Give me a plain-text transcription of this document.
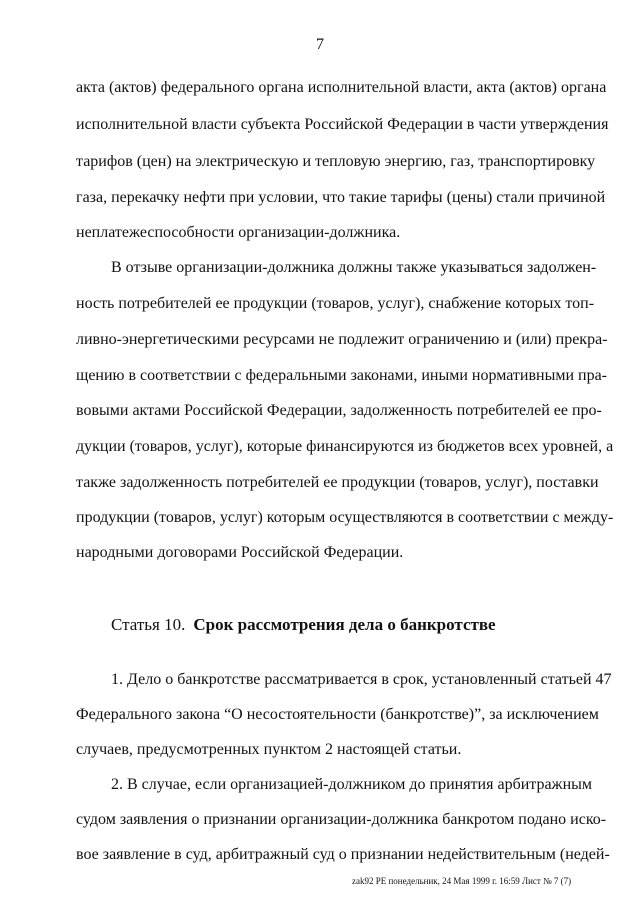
7
акта (актов) федерального органа исполнительной власти, акта (актов) органа
исполнительной власти субъекта Российской Федерации в части утверждения
тарифов (цен) на электрическую и тепловую энергию, газ, транспортировку
газа, перекачку нефти при условии, что такие тарифы (цены) стали причиной
неплатежеспособности организации-должника.
В отзыве организации-должника должны также указываться задолжен-
ность потребителей ее продукции (товаров, услуг), снабжение которых топ-
ливно-энергетическими ресурсами не подлежит ограничению и (или) прекра-
щению в соответствии с федеральными законами, иными нормативными пра-
вовыми актами Российской Федерации, задолженность потребителей ее про-
дукции (товаров, услуг), которые финансируются из бюджетов всех уровней, а
также задолженность потребителей ее продукции (товаров, услуг), поставки
продукции (товаров, услуг) которым осуществляются в соответствии с между-
народными договорами Российской Федерации.
Статья 10. Срок рассмотрения дела о банкротстве
1. Дело о банкротстве рассматривается в срок, установленный статьей 47
Федерального закона “О несостоятельности (банкротстве)”, за исключением
случаев, предусмотренных пунктом 2 настоящей статьи.
2. В случае, если организацией-должником до принятия арбитражным
судом заявления о признании организации-должника банкротом подано иско-
вое заявление в суд, арбитражный суд о признании недействительным (недей-
zak92 РЕ понедельник, 24 Мая 1999 г. 16:59 Лист № 7 (7)
